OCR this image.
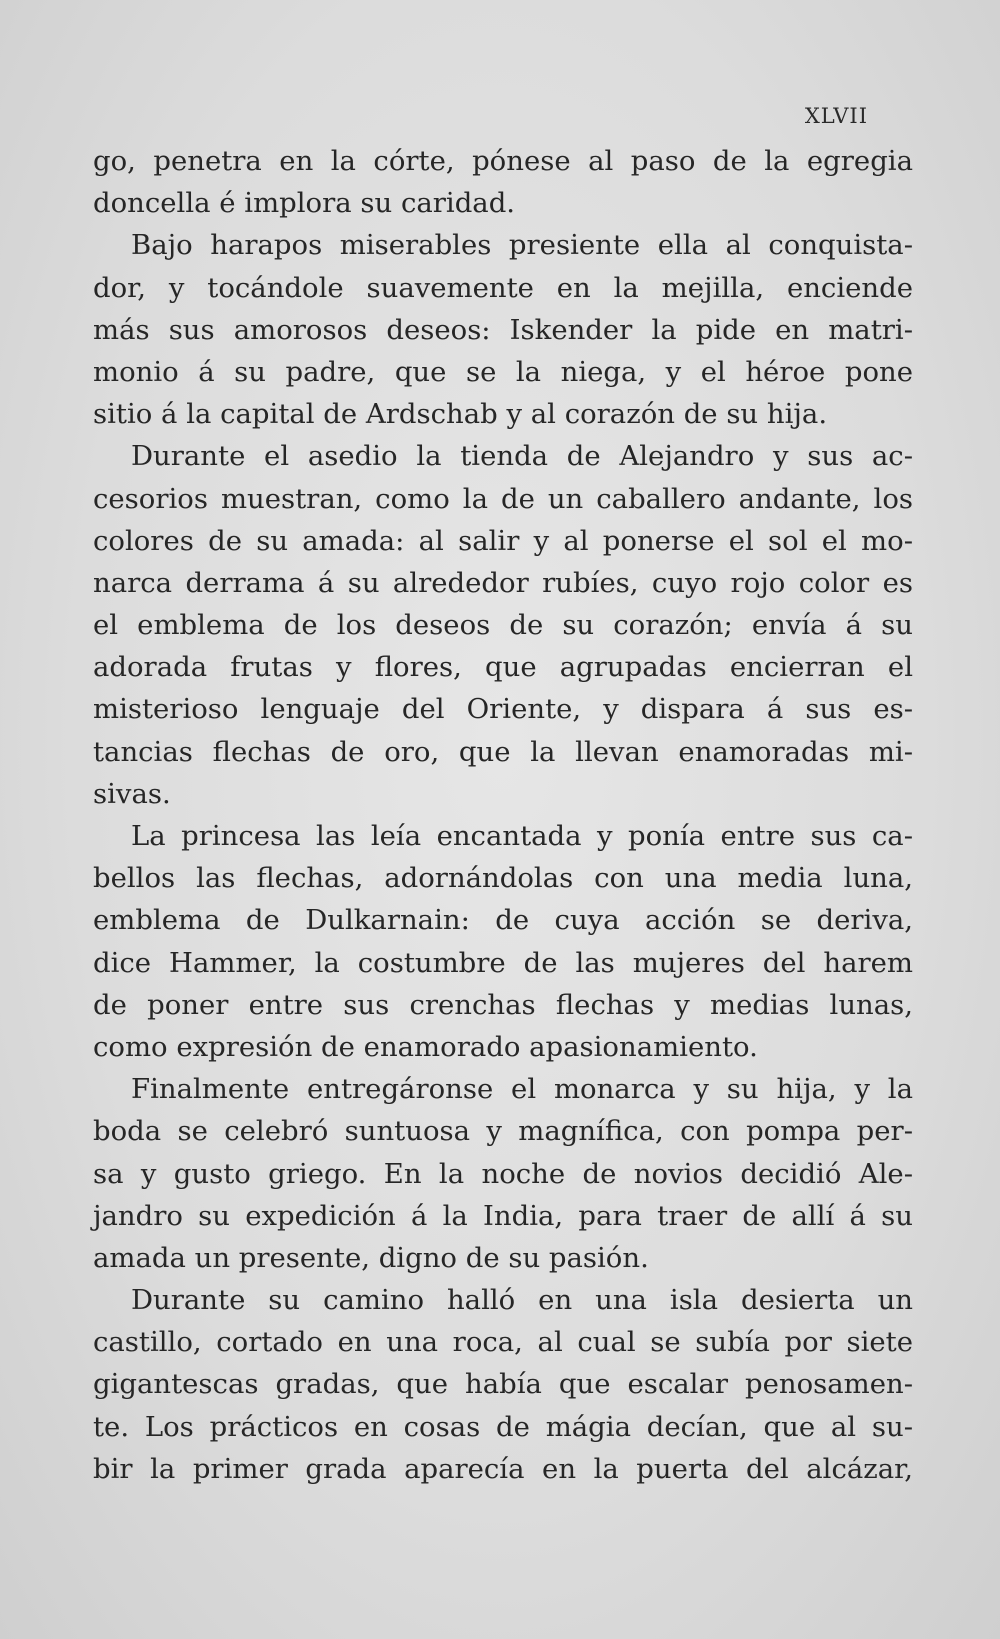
XLVII
go, penetra en la córte, pónese al paso de la egregia
doncella é implora su caridad.
Bajo harapos miserables presiente ella al conquista-
dor, y tocándole suavemente en la mejilla, enciende
más sus amorosos deseos: Iskender la pide en matri-
monio á su padre, que se la niega, y el héroe pone
sitio á la capital de Ardschab y al corazón de su hija.
Durante el asedio la tienda de Alejandro y sus ac-
cesorios muestran, como la de un caballero andante, los
colores de su amada: al salir y al ponerse el sol el mo-
narca derrama á su alrededor rubíes, cuyo rojo color es
el emblema de los deseos de su corazón; envía á su
adorada frutas y flores, que agrupadas encierran el
misterioso lenguaje del Oriente, y dispara á sus es-
tancias flechas de oro, que la llevan enamoradas mi-
sivas.
La princesa las leía encantada y ponía entre sus ca-
bellos las flechas, adornándolas con una media luna,
emblema de Dulkarnain: de cuya acción se deriva,
dice Hammer, la costumbre de las mujeres del harem
de poner entre sus crenchas flechas y medias lunas,
como expresión de enamorado apasionamiento.
Finalmente entregáronse el monarca y su hija, y la
boda se celebró suntuosa y magnífica, con pompa per-
sa y gusto griego. En la noche de novios decidió Ale-
jandro su expedición á la India, para traer de allí á su
amada un presente, digno de su pasión.
Durante su camino halló en una isla desierta un
castillo, cortado en una roca, al cual se subía por siete
gigantescas gradas, que había que escalar penosamen-
te. Los prácticos en cosas de mágia decían, que al su-
bir la primer grada aparecía en la puerta del alcázar,
